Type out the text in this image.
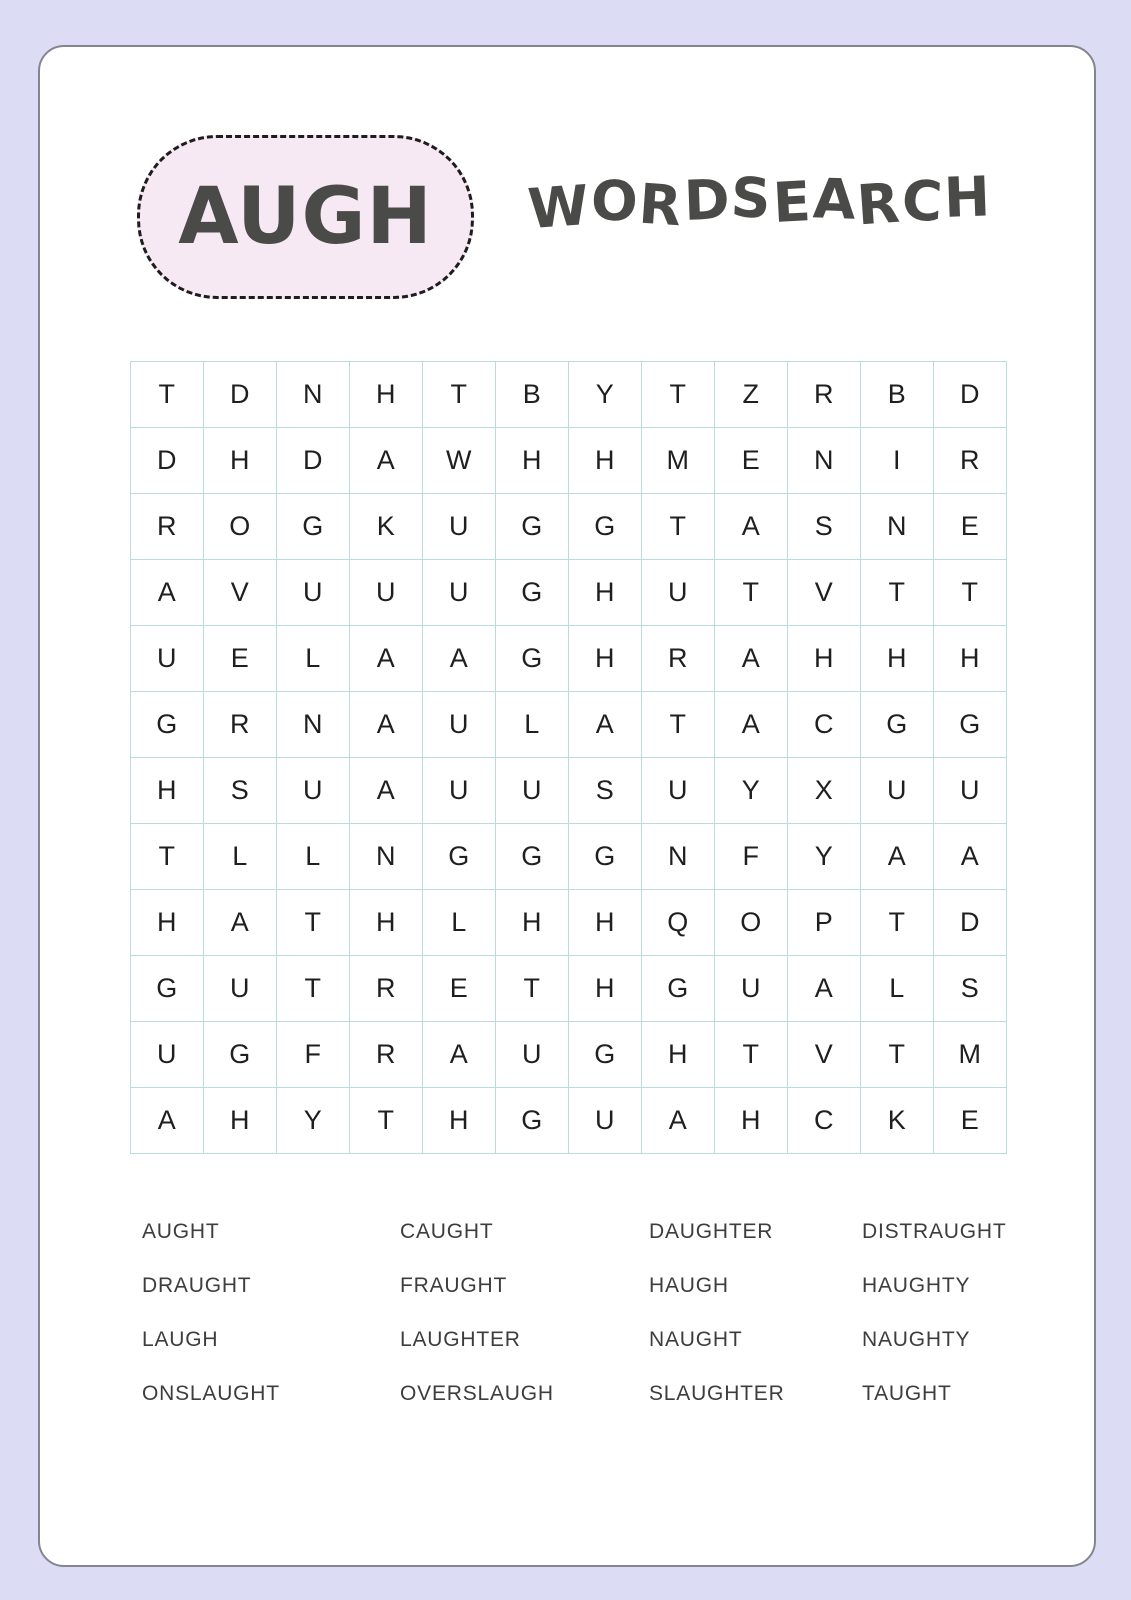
AUGH WORDSEARCH
T	D	N	H	T	B	Y	T	Z	R	B	D
D	H	D	A	W	H	H	M	E	N	I	R
R	O	G	K	U	G	G	T	A	S	N	E
A	V	U	U	U	G	H	U	T	V	T	T
U	E	L	A	A	G	H	R	A	H	H	H
G	R	N	A	U	L	A	T	A	C	G	G
H	S	U	A	U	U	S	U	Y	X	U	U
T	L	L	N	G	G	G	N	F	Y	A	A
H	A	T	H	L	H	H	Q	O	P	T	D
G	U	T	R	E	T	H	G	U	A	L	S
U	G	F	R	A	U	G	H	T	V	T	M
A	H	Y	T	H	G	U	A	H	C	K	E
AUGHT	CAUGHT	DAUGHTER	DISTRAUGHT
DRAUGHT	FRAUGHT	HAUGH	HAUGHTY
LAUGH	LAUGHTER	NAUGHT	NAUGHTY
ONSLAUGHT	OVERSLAUGH	SLAUGHTER	TAUGHT
